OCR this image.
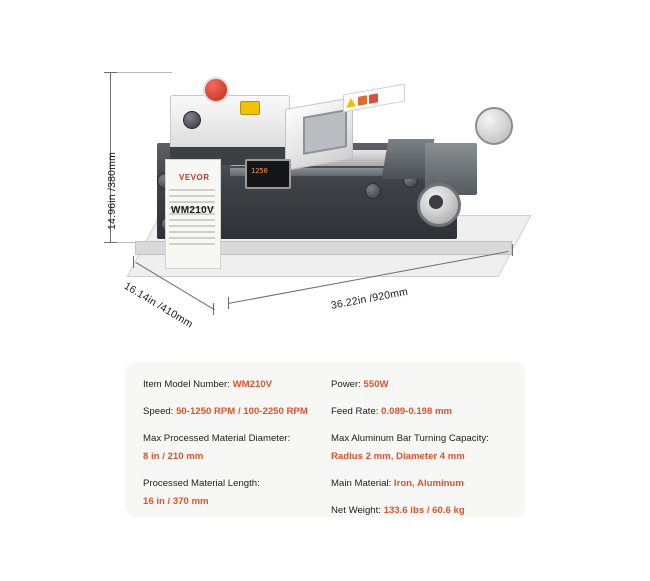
14.96in /380mm	1250
VEVOR
WM210V
16.14in /410mm	36.22in /920mm
Item Model Number: WM210V
Speed: 50-1250 RPM / 100-2250 RPM
Max Processed Material Diameter:
8 in / 210 mm
Processed Material Length:
16 in / 370 mm
Power: 550W
Feed Rate: 0.089-0.198 mm
Max Aluminum Bar Turning Capacity:
Radius 2 mm, Diameter 4 mm
Main Material: Iron, Aluminum
Net Weight: 133.6 lbs / 60.6 kg
